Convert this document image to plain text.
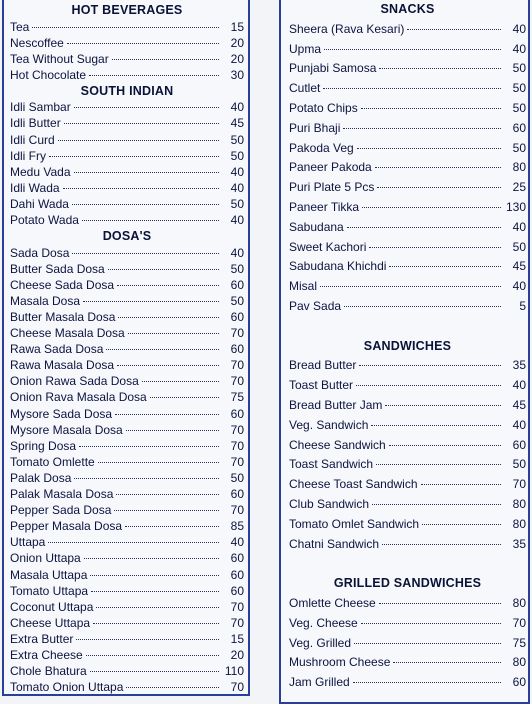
HOT BEVERAGES
Tea	15
Nescoffee	20
Tea Without Sugar	20
Hot Chocolate	30
SOUTH INDIAN
Idli Sambar	40
Idli Butter	45
Idli Curd	50
Idli Fry	50
Medu Vada	40
Idli Wada	40
Dahi Wada	50
Potato Wada	40
DOSA'S
Sada Dosa	40
Butter Sada Dosa	50
Cheese Sada Dosa	60
Masala Dosa	50
Butter Masala Dosa	60
Cheese Masala Dosa	70
Rawa Sada Dosa	60
Rawa Masala Dosa	70
Onion Rawa Sada Dosa	70
Onion Rava Masala Dosa	75
Mysore Sada Dosa	60
Mysore Masala Dosa	70
Spring Dosa	70
Tomato Omlette	70
Palak Dosa	50
Palak Masala Dosa	60
Pepper Sada Dosa	70
Pepper Masala Dosa	85
Uttapa	40
Onion Uttapa	60
Masala Uttapa	60
Tomato Uttapa	60
Coconut Uttapa	70
Cheese Uttapa	70
Extra Butter	15
Extra Cheese	20
Chole Bhatura	110
Tomato Onion Uttapa	70
SNACKS
Sheera (Rava Kesari)	40
Upma	40
Punjabi Samosa	50
Cutlet	50
Potato Chips	50
Puri Bhaji	60
Pakoda Veg	50
Paneer Pakoda	80
Puri Plate 5 Pcs	25
Paneer Tikka	130
Sabudana	40
Sweet Kachori	50
Sabudana Khichdi	45
Misal	40
Pav Sada	5
SANDWICHES
Bread Butter	35
Toast Butter	40
Bread Butter Jam	45
Veg. Sandwich	40
Cheese Sandwich	60
Toast Sandwich	50
Cheese Toast Sandwich	70
Club Sandwich	80
Tomato Omlet Sandwich	80
Chatni Sandwich	35
GRILLED SANDWICHES
Omlette Cheese	80
Veg. Cheese	70
Veg. Grilled	75
Mushroom Cheese	80
Jam Grilled	60
